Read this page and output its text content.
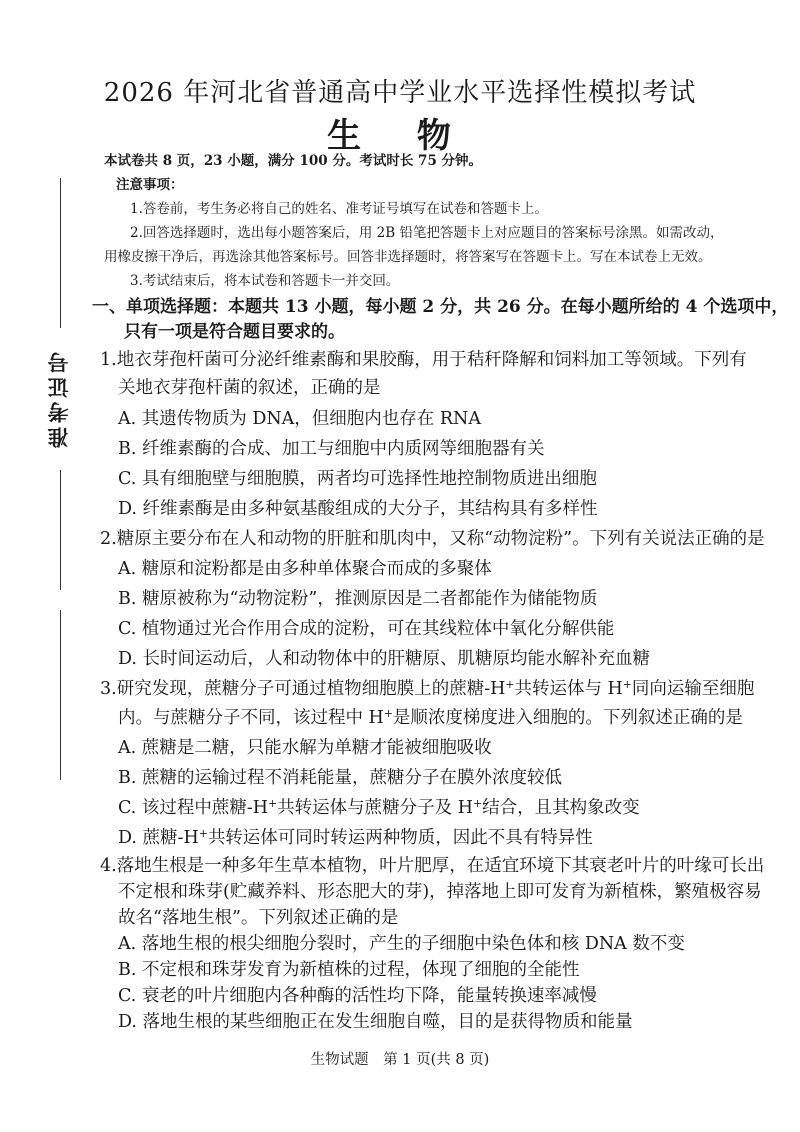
准考证号
2026 年河北省普通高中学业水平选择性模拟考试
生 物
本试卷共 8 页，23 小题，满分 100 分。考试时长 75 分钟。
注意事项：
1.答卷前，考生务必将自己的姓名、准考证号填写在试卷和答题卡上。
2.回答选择题时，选出每小题答案后，用 2B 铅笔把答题卡上对应题目的答案标号涂黑。如需改动，
用橡皮擦干净后，再选涂其他答案标号。回答非选择题时，将答案写在答题卡上。写在本试卷上无效。
3.考试结束后，将本试卷和答题卡一并交回。
一、单项选择题：本题共 13 小题，每小题 2 分，共 26 分。在每小题所给的 4 个选项中，
只有一项是符合题目要求的。
1.地衣芽孢杆菌可分泌纤维素酶和果胶酶，用于秸秆降解和饲料加工等领域。下列有
关地衣芽孢杆菌的叙述，正确的是
A. 其遗传物质为 DNA，但细胞内也存在 RNA
B. 纤维素酶的合成、加工与细胞中内质网等细胞器有关
C. 具有细胞壁与细胞膜，两者均可选择性地控制物质进出细胞
D. 纤维素酶是由多种氨基酸组成的大分子，其结构具有多样性
2.糖原主要分布在人和动物的肝脏和肌肉中，又称“动物淀粉”。下列有关说法正确的是
A. 糖原和淀粉都是由多种单体聚合而成的多聚体
B. 糖原被称为“动物淀粉”，推测原因是二者都能作为储能物质
C. 植物通过光合作用合成的淀粉，可在其线粒体中氧化分解供能
D. 长时间运动后，人和动物体中的肝糖原、肌糖原均能水解补充血糖
3.研究发现，蔗糖分子可通过植物细胞膜上的蔗糖-H+共转运体与 H+同向运输至细胞
内。与蔗糖分子不同，该过程中 H+是顺浓度梯度进入细胞的。下列叙述正确的是
A. 蔗糖是二糖，只能水解为单糖才能被细胞吸收
B. 蔗糖的运输过程不消耗能量，蔗糖分子在膜外浓度较低
C. 该过程中蔗糖-H+共转运体与蔗糖分子及 H+结合，且其构象改变
D. 蔗糖-H+共转运体可同时转运两种物质，因此不具有特异性
4.落地生根是一种多年生草本植物，叶片肥厚，在适宜环境下其衰老叶片的叶缘可长出
不定根和珠芽(贮藏养料、形态肥大的芽)，掉落地上即可发育为新植株，繁殖极容易
故名“落地生根”。下列叙述正确的是
A. 落地生根的根尖细胞分裂时，产生的子细胞中染色体和核 DNA 数不变
B. 不定根和珠芽发育为新植株的过程，体现了细胞的全能性
生物试题　第 1 页(共 8 页)
C. 衰老的叶片细胞内各种酶的活性均下降，能量转换速率减慢
D. 落地生根的某些细胞正在发生细胞自噬，目的是获得物质和能量
